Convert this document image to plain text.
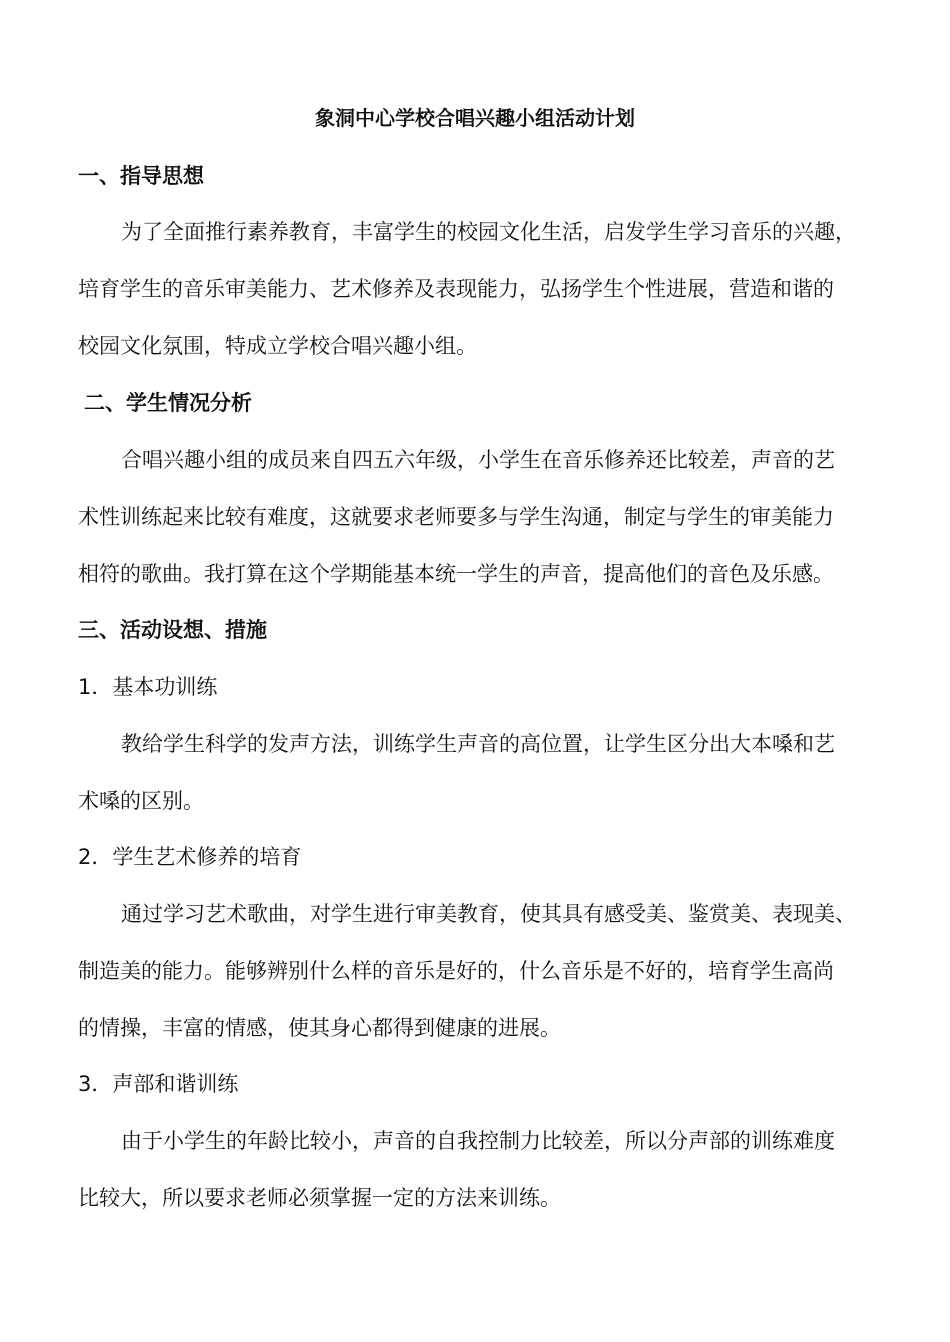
象洞中心学校合唱兴趣小组活动计划
一、指导思想
为了全面推行素养教育，丰富学生的校园文化生活，启发学生学习音乐的兴趣，
培育学生的音乐审美能力、艺术修养及表现能力，弘扬学生个性进展，营造和谐的
校园文化氛围，特成立学校合唱兴趣小组。
二、学生情况分析
合唱兴趣小组的成员来自四五六年级，小学生在音乐修养还比较差，声音的艺
术性训练起来比较有难度，这就要求老师要多与学生沟通，制定与学生的审美能力
相符的歌曲。我打算在这个学期能基本统一学生的声音，提高他们的音色及乐感。
三、活动设想、措施
1．基本功训练
教给学生科学的发声方法，训练学生声音的高位置，让学生区分出大本嗓和艺
术嗓的区别。
2．学生艺术修养的培育
通过学习艺术歌曲，对学生进行审美教育，使其具有感受美、鉴赏美、表现美、
制造美的能力。能够辨别什么样的音乐是好的，什么音乐是不好的，培育学生高尚
的情操，丰富的情感，使其身心都得到健康的进展。
3．声部和谐训练
由于小学生的年龄比较小，声音的自我控制力比较差，所以分声部的训练难度
比较大，所以要求老师必须掌握一定的方法来训练。
